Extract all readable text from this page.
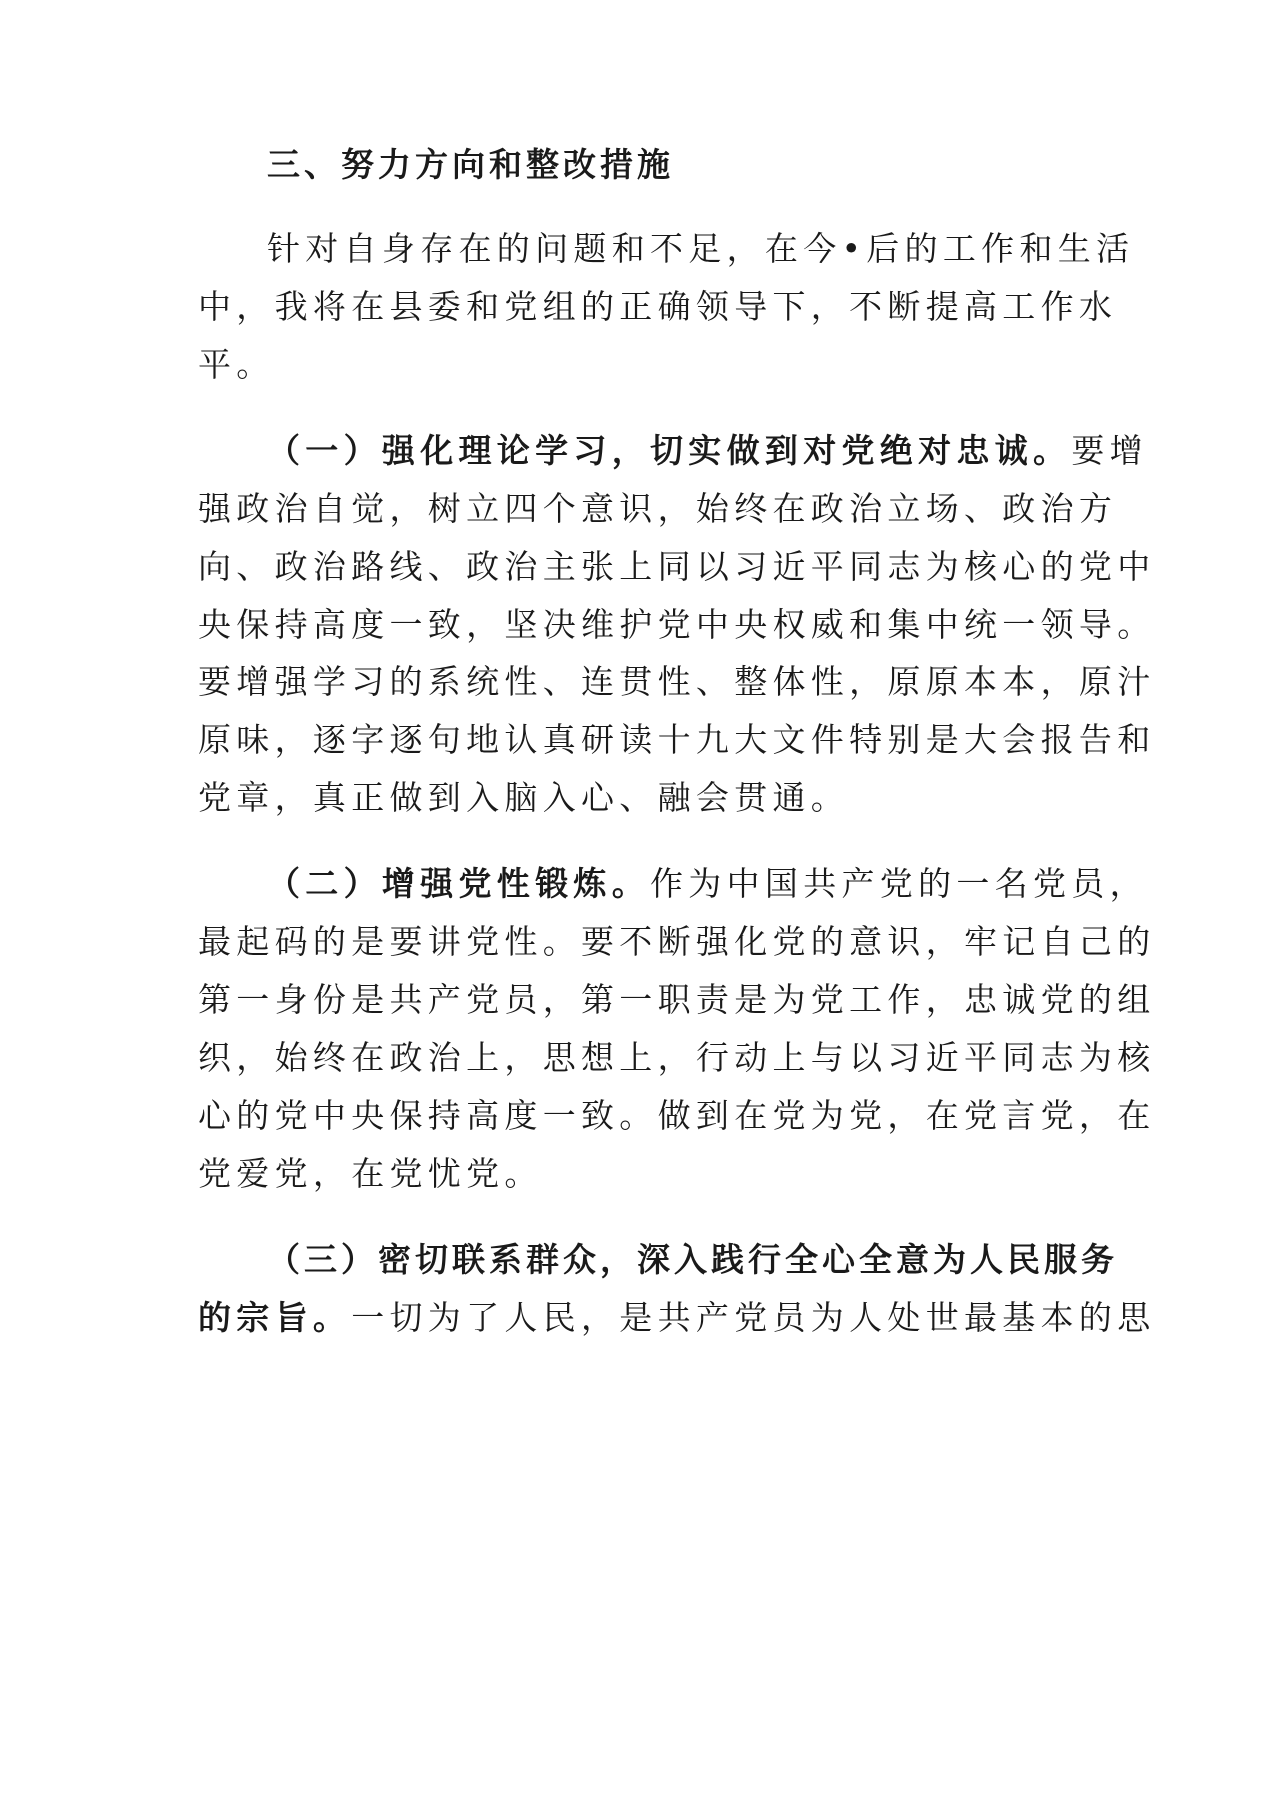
三、努力方向和整改措施

针对自身存在的问题和不足，在今•后的工作和生活

中，我将在县委和党组的正确领导下，不断提高工作水

平。

（一）强化理论学习，切实做到对党绝对忠诚。要增

强政治自觉，树立四个意识，始终在政治立场、政治方

向、政治路线、政治主张上同以习近平同志为核心的党中

央保持高度一致，坚决维护党中央权威和集中统一领导。

要增强学习的系统性、连贯性、整体性，原原本本，原汁

原味，逐字逐句地认真研读十九大文件特别是大会报告和

党章，真正做到入脑入心、融会贯通。

（二）增强党性锻炼。作为中国共产党的一名党员，

最起码的是要讲党性。要不断强化党的意识，牢记自己的

第一身份是共产党员，第一职责是为党工作，忠诚党的组

织，始终在政治上，思想上，行动上与以习近平同志为核

心的党中央保持高度一致。做到在党为党，在党言党，在

党爱党，在党忧党。

（三）密切联系群众，深入践行全心全意为人民服务

的宗旨。一切为了人民，是共产党员为人处世最基本的思
